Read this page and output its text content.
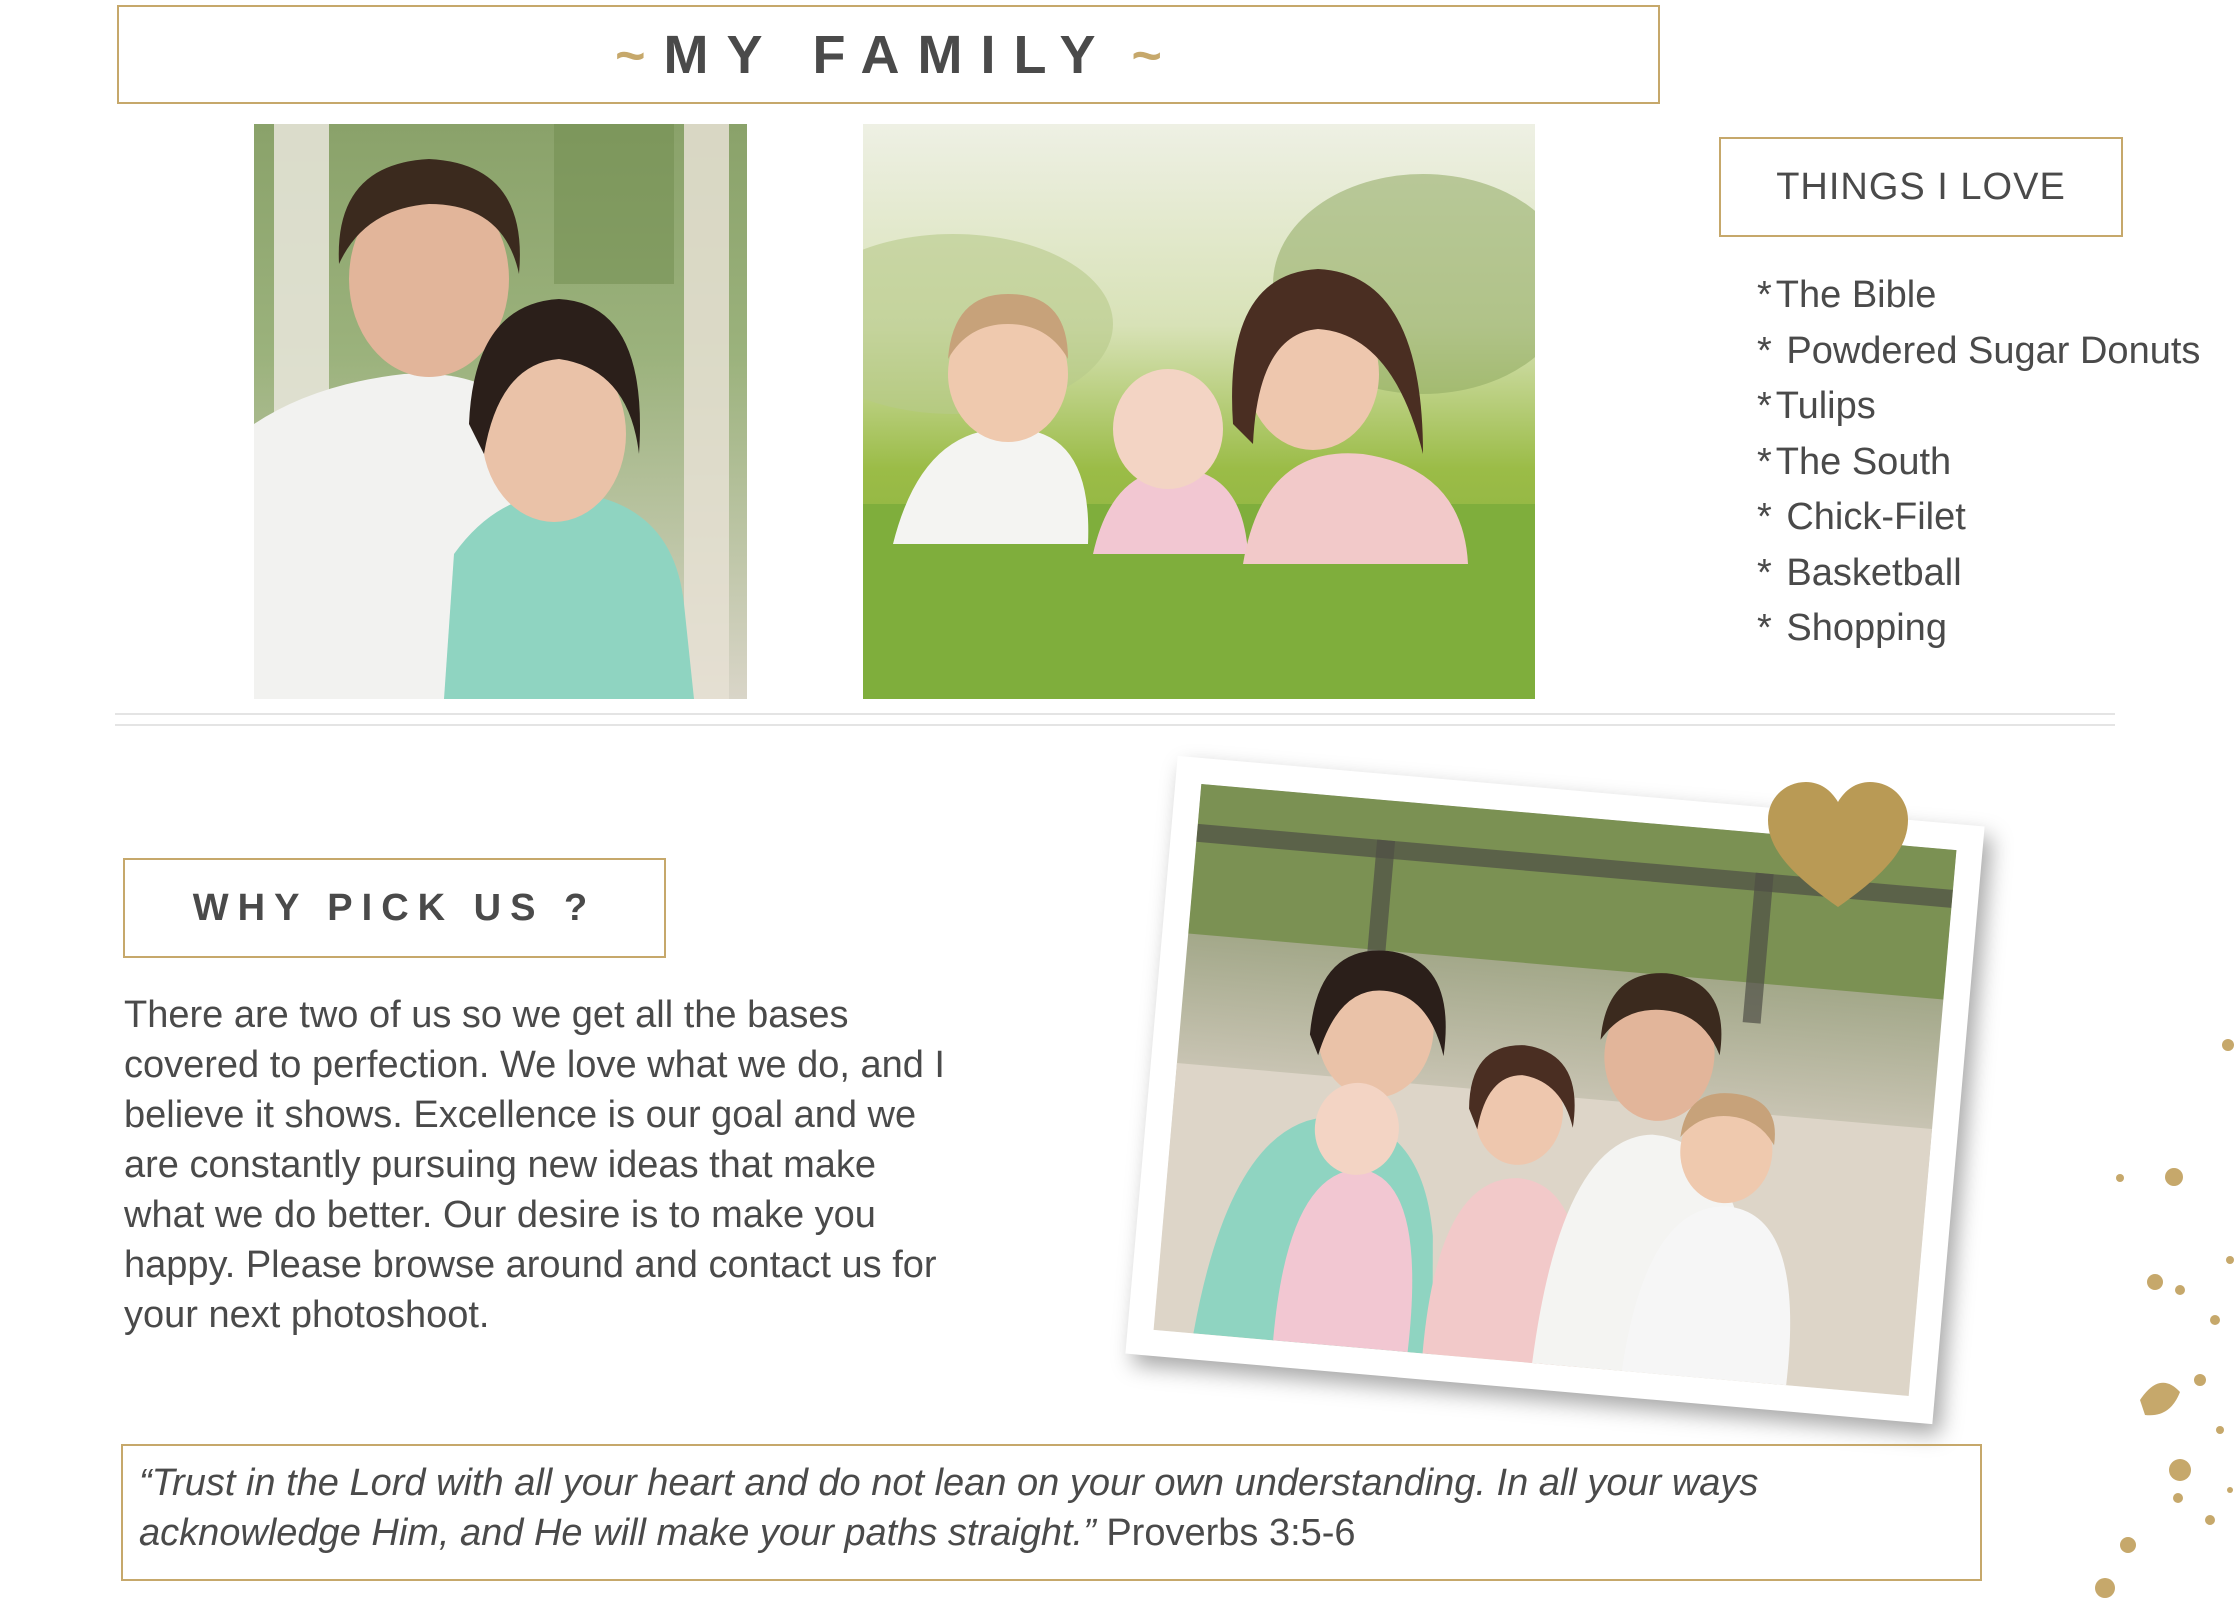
~ MY FAMILY ~
THINGS I LOVE
* The Bible
* Powdered Sugar Donuts
* Tulips
* The South
* Chick-Filet
* Basketball
* Shopping
WHY PICK US ?
There are two of us so we get all the bases covered to perfection. We love what we do, and I believe it shows. Excellence is our goal and we are constantly pursuing new ideas that make what we do better. Our desire is to make you happy. Please browse around and contact us for your next photoshoot.
“Trust in the Lord with all your heart and do not lean on your own understanding. In all your ways acknowledge Him, and He will make your paths straight.” Proverbs 3:5-6
